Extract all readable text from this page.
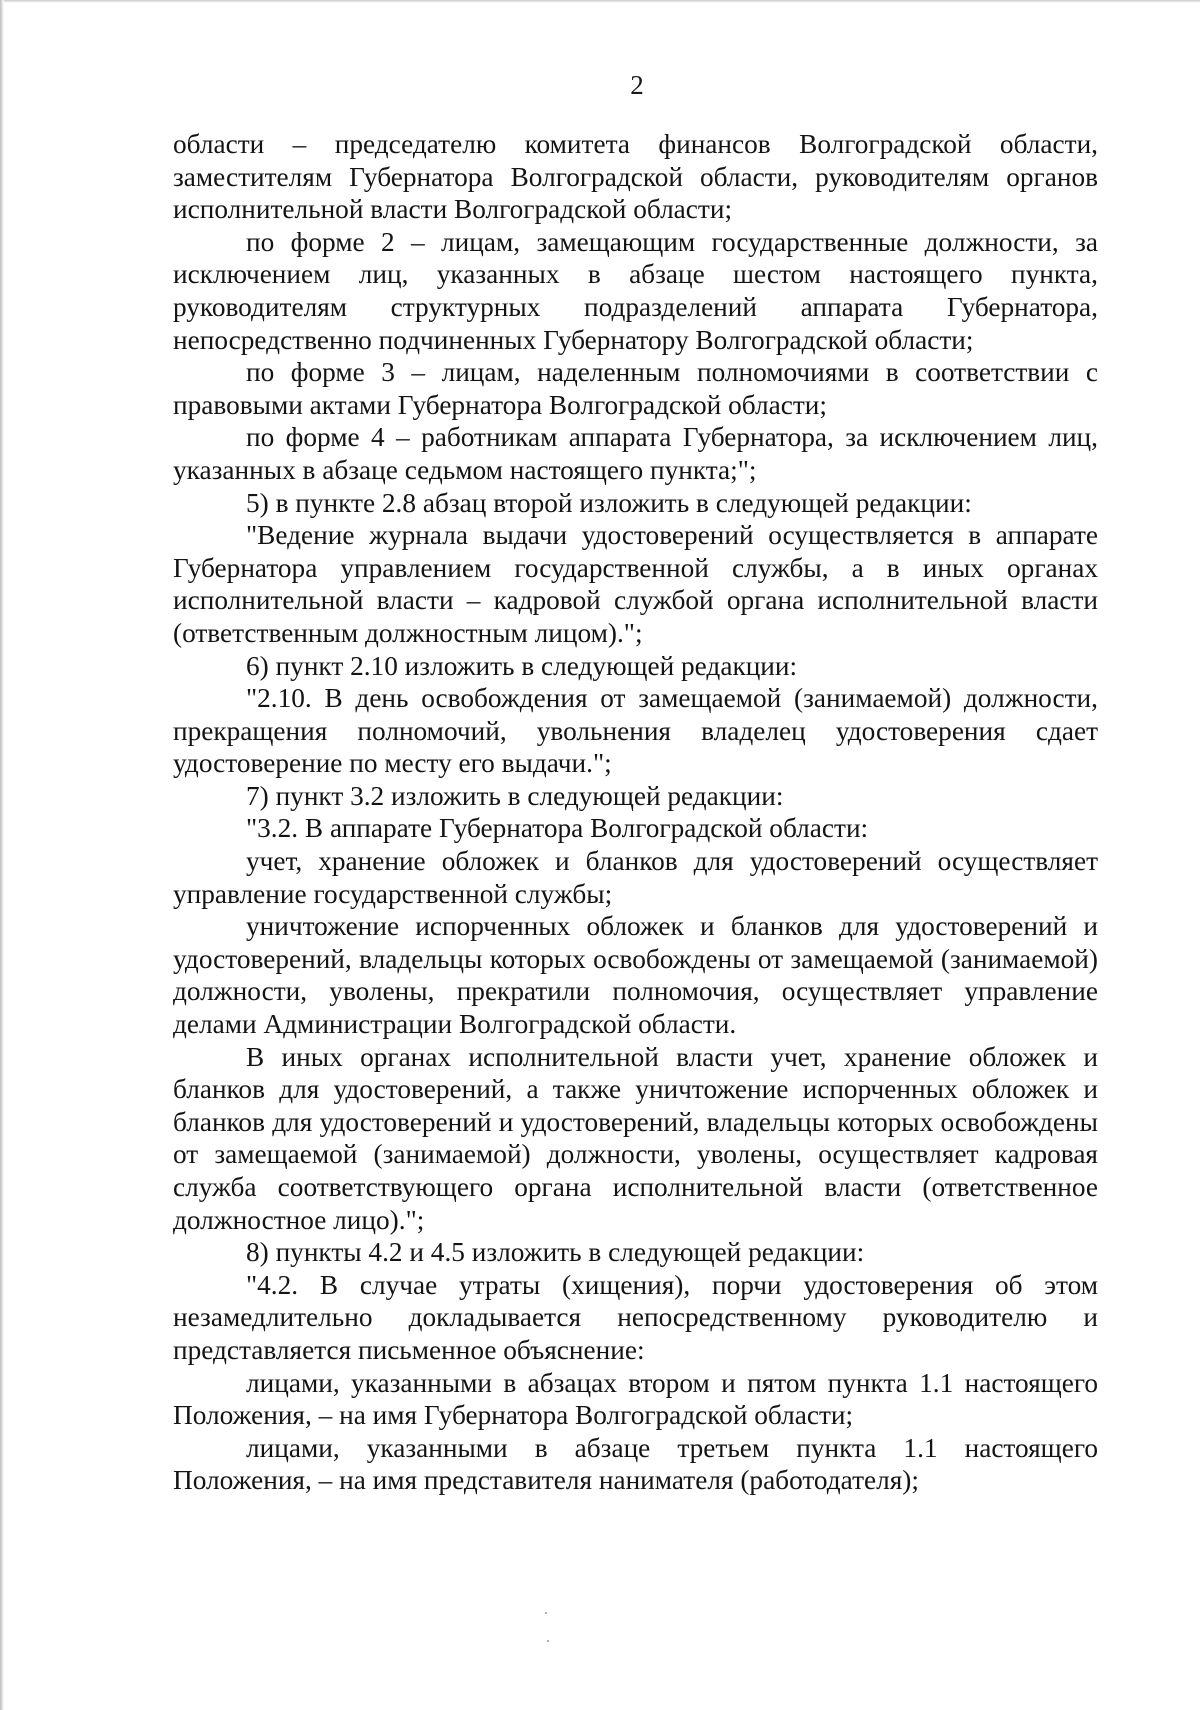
2

области – председателю комитета финансов Волгоградской области, заместителям Губернатора Волгоградской области, руководителям органов исполнительной власти Волгоградской области;

по форме 2 – лицам, замещающим государственные должности, за исключением лиц, указанных в абзаце шестом настоящего пункта, руководителям структурных подразделений аппарата Губернатора, непосредственно подчиненных Губернатору Волгоградской области;

по форме 3 – лицам, наделенным полномочиями в соответствии с правовыми актами Губернатора Волгоградской области;

по форме 4 – работникам аппарата Губернатора, за исключением лиц, указанных в абзаце седьмом настоящего пункта;";

5) в пункте 2.8 абзац второй изложить в следующей редакции:

"Ведение журнала выдачи удостоверений осуществляется в аппарате Губернатора управлением государственной службы, а в иных органах исполнительной власти – кадровой службой органа исполнительной власти (ответственным должностным лицом).";

6) пункт 2.10 изложить в следующей редакции:

"2.10. В день освобождения от замещаемой (занимаемой) должности, прекращения полномочий, увольнения владелец удостоверения сдает удостоверение по месту его выдачи.";

7) пункт 3.2 изложить в следующей редакции:

"3.2. В аппарате Губернатора Волгоградской области:

учет, хранение обложек и бланков для удостоверений осуществляет управление государственной службы;

уничтожение испорченных обложек и бланков для удостоверений и удостоверений, владельцы которых освобождены от замещаемой (занимаемой) должности, уволены, прекратили полномочия, осуществляет управление делами Администрации Волгоградской области.

В иных органах исполнительной власти учет, хранение обложек и бланков для удостоверений, а также уничтожение испорченных обложек и бланков для удостоверений и удостоверений, владельцы которых освобождены от замещаемой (занимаемой) должности, уволены, осуществляет кадровая служба соответствующего органа исполнительной власти (ответственное должностное лицо).";

8) пункты 4.2 и 4.5 изложить в следующей редакции:

"4.2. В случае утраты (хищения), порчи удостоверения об этом незамедлительно докладывается непосредственному руководителю и представляется письменное объяснение:

лицами, указанными в абзацах втором и пятом пункта 1.1 настоящего Положения, – на имя Губернатора Волгоградской области;

лицами, указанными в абзаце третьем пункта 1.1 настоящего Положения, – на имя представителя нанимателя (работодателя);
